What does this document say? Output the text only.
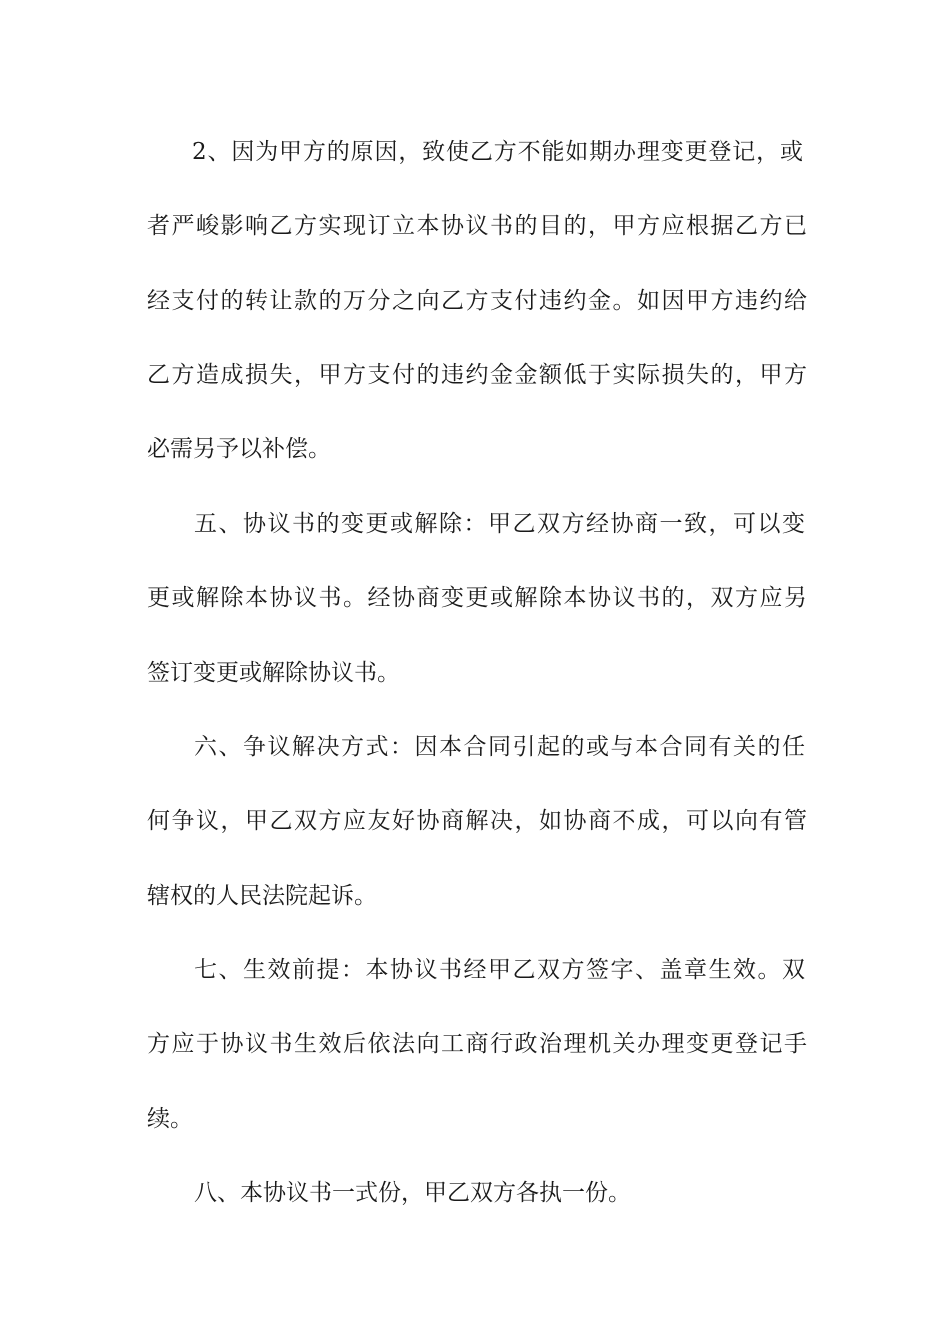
2、因为甲方的原因，致使乙方不能如期办理变更登记，或
者严峻影响乙方实现订立本协议书的目的，甲方应根据乙方已
经支付的转让款的万分之向乙方支付违约金。如因甲方违约给
乙方造成损失，甲方支付的违约金金额低于实际损失的，甲方
必需另予以补偿。
五、协议书的变更或解除：甲乙双方经协商一致，可以变
更或解除本协议书。经协商变更或解除本协议书的，双方应另
签订变更或解除协议书。
六、争议解决方式：因本合同引起的或与本合同有关的任
何争议，甲乙双方应友好协商解决，如协商不成，可以向有管
辖权的人民法院起诉。
七、生效前提：本协议书经甲乙双方签字、盖章生效。双
方应于协议书生效后依法向工商行政治理机关办理变更登记手
续。
八、本协议书一式份，甲乙双方各执一份。
